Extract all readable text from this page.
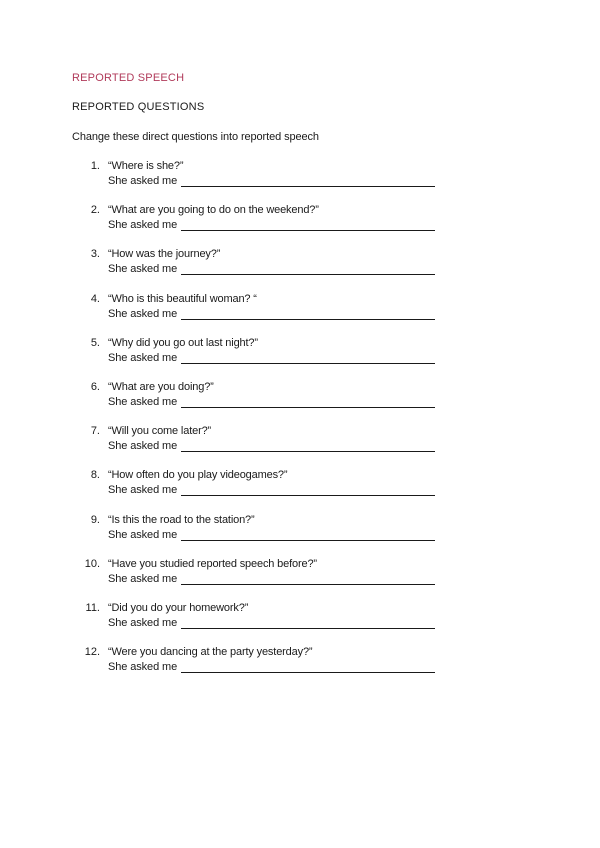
REPORTED SPEECH
REPORTED QUESTIONS
Change these direct questions into reported speech
1. “Where is she?”
She asked me
2. “What are you going to do on the weekend?”
She asked me
3. “How was the journey?”
She asked me
4. “Who is this beautiful woman? “
She asked me
5. “Why did you go out last night?”
She asked me
6. “What are you doing?”
She asked me
7. “Will you come later?”
She asked me
8. “How often do you play videogames?”
She asked me
9. “Is this the road to the station?”
She asked me
10. “Have you studied reported speech before?”
She asked me
11. “Did you do your homework?”
She asked me
12. “Were you dancing at the party yesterday?”
She asked me
